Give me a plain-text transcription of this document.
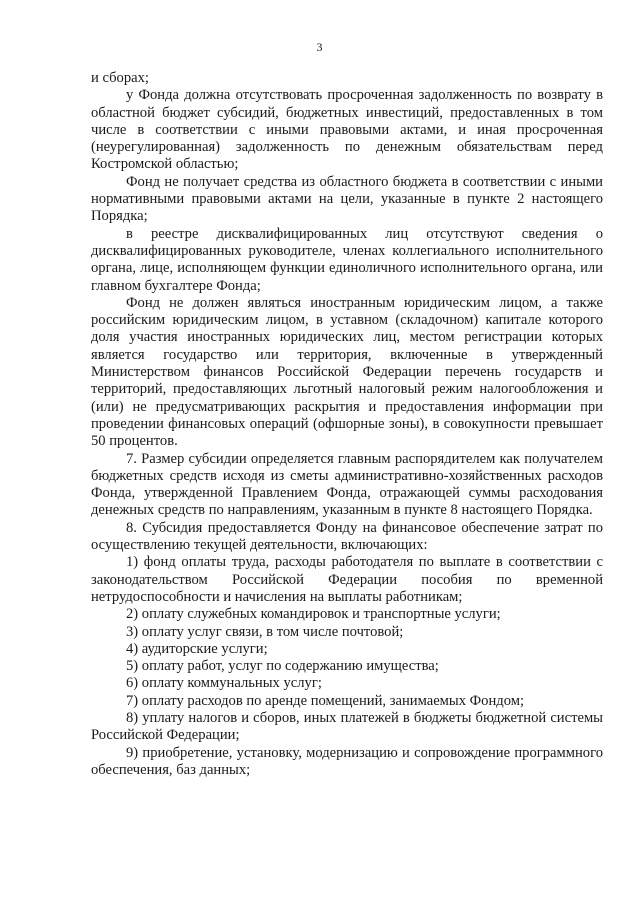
3

и сборах;

у Фонда должна отсутствовать просроченная задолженность по возврату в областной бюджет субсидий, бюджетных инвестиций, предоставленных в том числе в соответствии с иными правовыми актами, и иная просроченная (неурегулированная) задолженность по денежным обязательствам перед Костромской областью;

Фонд не получает средства из областного бюджета в соответствии с иными нормативными правовыми актами на цели, указанные в пункте 2 настоящего Порядка;

в реестре дисквалифицированных лиц отсутствуют сведения о дисквалифицированных руководителе, членах коллегиального исполнительного органа, лице, исполняющем функции единоличного исполнительного органа, или главном бухгалтере Фонда;

Фонд не должен являться иностранным юридическим лицом, а также российским юридическим лицом, в уставном (складочном) капитале которого доля участия иностранных юридических лиц, местом регистрации которых является государство или территория, включенные в утвержденный Министерством финансов Российской Федерации перечень государств и территорий, предоставляющих льготный налоговый режим налогообложения и (или) не предусматривающих раскрытия и предоставления информации при проведении финансовых операций (офшорные зоны), в совокупности превышает 50 процентов.

7. Размер субсидии определяется главным распорядителем как получателем бюджетных средств исходя из сметы административно-хозяйственных расходов Фонда, утвержденной Правлением Фонда, отражающей суммы расходования денежных средств по направлениям, указанным в пункте 8 настоящего Порядка.

8. Субсидия предоставляется Фонду на финансовое обеспечение затрат по осуществлению текущей деятельности, включающих:

1) фонд оплаты труда, расходы работодателя по выплате в соответствии с законодательством Российской Федерации пособия по временной нетрудоспособности и начисления на выплаты работникам;

2) оплату служебных командировок и транспортные услуги;

3) оплату услуг связи, в том числе почтовой;

4) аудиторские услуги;

5) оплату работ, услуг по содержанию имущества;

6) оплату коммунальных услуг;

7) оплату расходов по аренде помещений, занимаемых Фондом;

8) уплату налогов и сборов, иных платежей в бюджеты бюджетной системы Российской Федерации;

9) приобретение, установку, модернизацию и сопровождение программного обеспечения, баз данных;
